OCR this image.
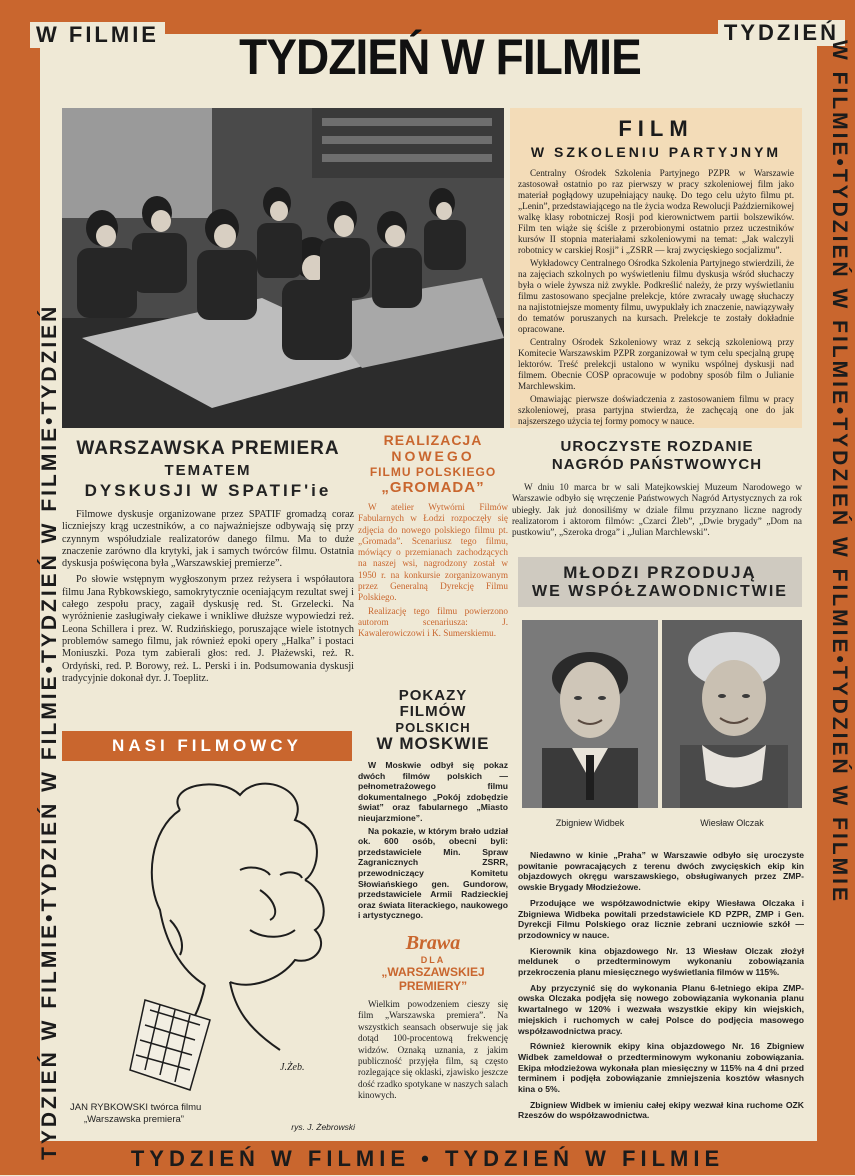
W FILMIE	TYDZIEŃ
TYDZIEŃ W FILMIE • TYDZIEŃ W FILMIE
TYDZIEŃ W FILMIE•TYDZIEŃ W FILMIE•TYDZIEŃ W FILMIE•TYDZIEŃ	W FILMIE•TYDZIEŃ W FILMIE•TYDZIEŃ W FILMIE•TYDZIEŃ W FILMIE
TYDZIEŃ W FILMIE
FILM
W SZKOLENIU PARTYJNYM

Centralny Ośrodek Szkolenia Partyjnego PZPR w Warszawie zastosował ostatnio po raz pierwszy w pracy szkoleniowej film jako materiał pogłądowy uzupełniający naukę. Do tego celu użyto filmu pt. „Lenin”, przedstawiającego na tle życia wodza Rewolucji Październikowej walkę klasy robotniczej Rosji pod kierownictwem partii bolszewików. Film ten wiąże się ściśle z przerobionymi ostatnio przez uczestników kursów II stopnia materiałami szkoleniowymi na temat: „Jak walczyli robotnicy w carskiej Rosji” i „ZSRR — kraj zwycięskiego socjalizmu”.

Wykładowcy Centralnego Ośrodka Szkolenia Partyjnego stwierdzili, że na zajęciach szkolnych po wyświetleniu filmu dyskusja wśród słuchaczy była o wiele żywsza niż zwykle. Podkreślić należy, że przy wyświetlaniu filmu zastosowano specjalne prelekcje, które zwracały uwagę słuchaczy na najistotniejsze momenty filmu, uwypuklały ich znaczenie, nawiązywały do tematów poruszanych na kursach. Prelekcje te zostały dokładnie opracowane.

Centralny Ośrodek Szkoleniowy wraz z sekcją szkoleniową przy Komitecie Warszawskim PZPR zorganizował w tym celu specjalną grupę lektorów. Treść prelekcji ustalono w wyniku wspólnej dyskusji nad filmem. Obecnie COSP opracowuje w podobny sposób film o Julianie Marchlewskim.

Omawiając pierwsze doświadczenia z zastosowaniem filmu w pracy szkoleniowej, prasa partyjna stwierdza, że zachęcają one do jak najszerszego użycia tej formy pomocy w nauce.

WARSZAWSKA PREMIERA
TEMATEM
DYSKUSJI W SPATIF'ie

Filmowe dyskusje organizowane przez SPATIF gromadzą coraz liczniejszy krąg uczestników, a co najważniejsze odbywają się przy czynnym współudziale realizatorów danego filmu. Ma to duże znaczenie zarówno dla krytyki, jak i samych twórców filmu. Ostatnia dyskusja poświęcona była „Warszawskiej premierze”.

Po słowie wstępnym wygłoszonym przez reżysera i współautora filmu Jana Rybkowskiego, samokrytycznie oceniającym rezultat swej i całego zespołu pracy, zagaił dyskusję red. St. Grzelecki. Na wyróżnienie zasługiwały ciekawe i wnikliwe dłuższe wypowiedzi reż. Leona Schillera i prez. W. Rudzińskiego, poruszające wiele istotnych problemów samego filmu, jak również epoki opery „Halka” i postaci Moniuszki. Poza tym zabierali głos: red. J. Płażewski, reż. R. Ordyński, red. P. Borowy, reż. L. Perski i in. Podsumowania dyskusji tradycyjnie dokonał dyr. J. Toeplitz.

REALIZACJA
NOWEGO
FILMU POLSKIEGO
„GROMADA”

W atelier Wytwórni Filmów Fabularnych w Łodzi rozpoczęły się zdjęcia do nowego polskiego filmu pt. „Gromada”. Scenariusz tego filmu, mówiący o przemianach zachodzących na naszej wsi, nagrodzony został w 1950 r. na konkursie zorganizowanym przez Generalną Dyrekcję Filmu Polskiego.

Realizację tego filmu powierzono autorom scenariusza: J. Kawalerowiczowi i K. Sumerskiemu.

POKAZY
FILMÓW
POLSKICH
W MOSKWIE

W Moskwie odbył się pokaz dwóch filmów polskich — pełnometrażowego filmu dokumentalnego „Pokój zdobędzie świat” oraz fabularnego „Miasto nieujarzmione”.

Na pokazie, w którym brało udział ok. 600 osób, obecni byli: przedstawiciele Min. Spraw Zagranicznych ZSRR, przewodniczący Komitetu Słowiańskiego gen. Gundorow, przedstawiciele Armii Radzieckiej oraz świata literackiego, naukowego i artystycznego.

Brawa
DLA
„WARSZAWSKIEJ
PREMIERY”

Wielkim powodzeniem cieszy się film „Warszawska premiera”. Na wszystkich seansach obserwuje się jak dotąd 100-procentową frekwencję widzów. Oznaką uznania, z jakim publiczność przyjęła film, są często rozlegające się oklaski, zjawisko jeszcze dość rzadko spotykane w naszych salach kinowych.

NASI FILMOWCY
J.Żeb.
JAN RYBKOWSKI twórca filmu
„Warszawska premiera”
rys. J. Żebrowski
UROCZYSTE ROZDANIE
NAGRÓD PAŃSTWOWYCH

W dniu 10 marca br w sali Matejkowskiej Muzeum Narodowego w Warszawie odbyło się wręczenie Państwowych Nagród Artystycznych za rok ubiegły. Jak już donosiliśmy w dziale filmu przyznano liczne nagrody realizatorom i aktorom filmów: „Czarci Żleb”, „Dwie brygady” „Dom na pustkowiu”, „Szeroka droga” i „Julian Marchlewski”.

MŁODZI PRZODUJĄ
WE WSPÓŁZAWODNICTWIE
Zbigniew Widbek	Wiesław Olczak

Niedawno w kinie „Praha” w Warszawie odbyło się uroczyste powitanie powracających z terenu dwóch zwycięskich ekip kin objazdowych okręgu warszawskiego, obsługiwanych przez ZMP-owskie Brygady Młodzieżowe.

Przodujące we współzawodnictwie ekipy Wiesława Olczaka i Zbigniewa Widbeka powitali przedstawiciele KD PZPR, ZMP i Gen. Dyrekcji Filmu Polskiego oraz licznie zebrani uczniowie szkół — przodownicy w nauce.

Kierownik kina objazdowego Nr. 13 Wiesław Olczak złożył meldunek o przedterminowym wykonaniu zobowiązania przekroczenia planu miesięcznego wyświetlania filmów w 115%.

Aby przyczynić się do wykonania Planu 6-letniego ekipa ZMP-owska Olczaka podjęła się nowego zobowiązania wykonania planu kwartalnego w 120% i wezwała wszystkie ekipy kin wiejskich, miejskich i ruchomych w całej Polsce do podjęcia masowego współzawodnictwa pracy.

Również kierownik ekipy kina objazdowego Nr. 16 Zbigniew Widbek zameldował o przedterminowym wykonaniu zobowiązania. Ekipa młodzieżowa wykonała plan miesięczny w 115% na 4 dni przed terminem i podjęła zobowiązanie zmniejszenia kosztów własnych kina o 5%.

Zbigniew Widbek w imieniu całej ekipy wezwał kina ruchome OZK Rzeszów do współzawodnictwa.
